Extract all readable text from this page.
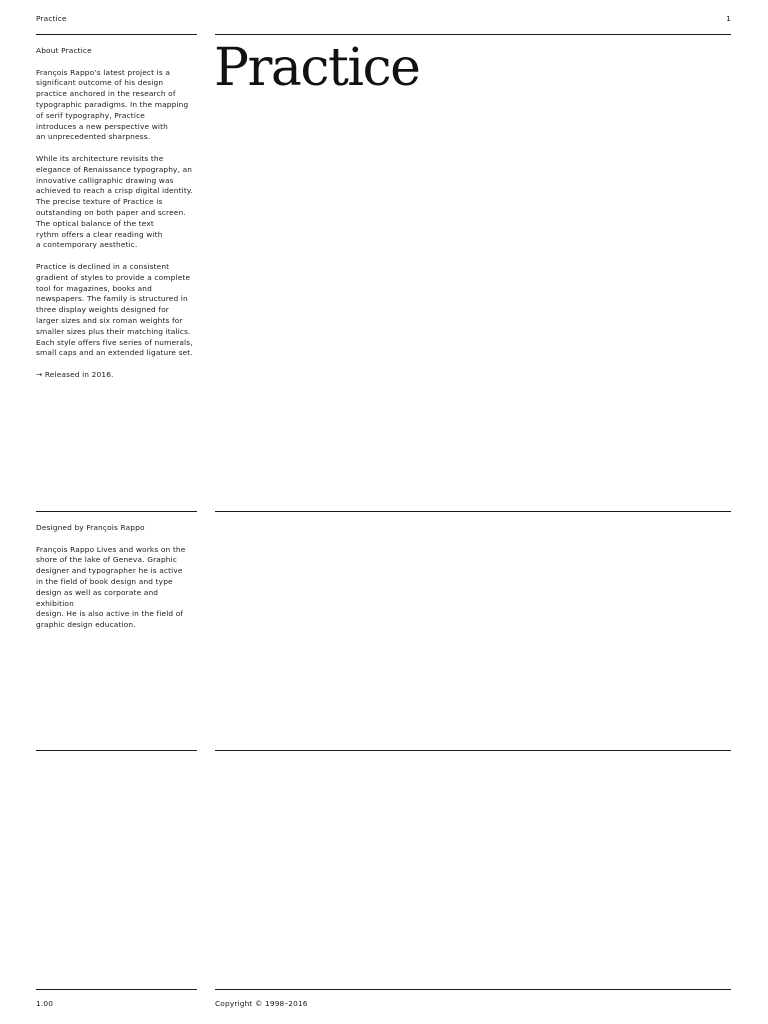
Practice	1

About Practice

François Rappo’s latest project is a
significant outcome of his design
practice anchored in the research of
typographic paradigms. In the mapping
of serif typography, Practice
introduces a new perspective with
an unprecedented sharpness.

While its architecture revisits the
elegance of Renaissance typography, an
innovative calligraphic drawing was
achieved to reach a crisp digital identity.
The precise texture of Practice is
outstanding on both paper and screen.
The optical balance of the text
rythm offers a clear reading with
a contemporary aesthetic.

Practice is declined in a consistent
gradient of styles to provide a complete
tool for magazines, books and
newspapers. The family is structured in
three display weights designed for
larger sizes and six roman weights for
smaller sizes plus their matching italics.
Each style offers five series of numerals,
small caps and an extended ligature set.

→ Released in 2016.

Practice

Designed by François Rappo

François Rappo Lives and works on the
shore of the lake of Geneva. Graphic
designer and typographer he is active
in the field of book design and type
design as well as corporate and exhibition
design. He is also active in the field of
graphic design education.

1.00	Copyright © 1998–2016
